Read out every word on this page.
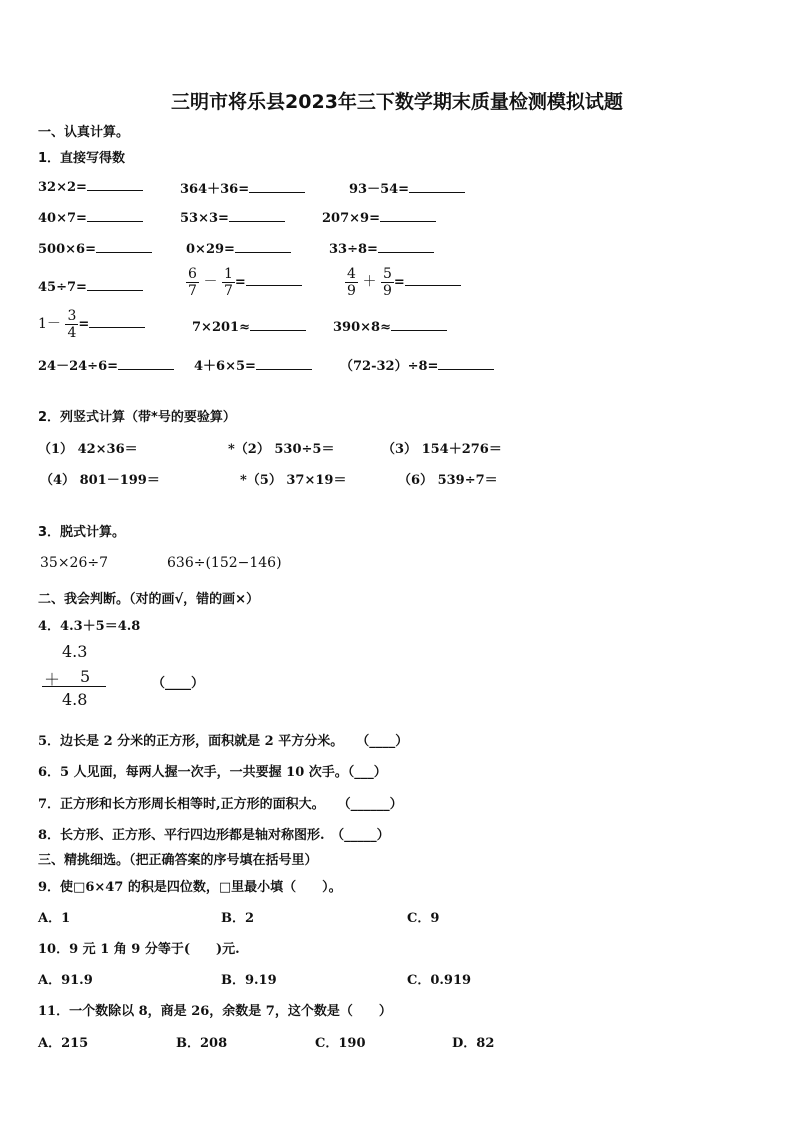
三明市将乐县2023年三下数学期末质量检测模拟试题
一、认真计算。
1．直接写得数
32×2=	364＋36=	93－54=
40×7=	53×3=	207×9=
500×6=	0×29=	33÷8=
45÷7=	$\frac{6}{7} - \frac{1}{7}$ =	$\frac{4}{9} + \frac{5}{9}$ =
$1- \frac{3}{4}$ =	7×201≈	390×8≈
24－24÷6=	4＋6×5=	（72-32）÷8=
2．列竖式计算（带*号的要验算）
（1） 42×36＝	*（2） 530÷5＝	（3） 154＋276＝
（4） 801－199＝	*（5） 37×19＝	（6） 539÷7＝
3．脱式计算。
35×26÷7	636÷(152−146)
二、我会判断。（对的画√，错的画×）
4．4.3＋5＝4.8
4.3
＋ 5
4.8
（____）
5．边长是 2 分米的正方形，面积就是 2 平方分米。　　（____）
6．5 人见面，每两人握一次手，一共要握 10 次手。（___）
7．正方形和长方形周长相等时,正方形的面积大。　　（______）
8．长方形、正方形、平行四边形都是轴对称图形.　（_____）
三、精挑细选。（把正确答案的序号填在括号里）
9．使□6×47 的积是四位数，□里最小填（　　）。
A．1	B．2	C．9
10．9 元 1 角 9 分等于(　　)元.
A．91.9	B．9.19	C．0.919
11．一个数除以 8，商是 26，余数是 7，这个数是（　　）
A．215	B．208	C．190	D．82
